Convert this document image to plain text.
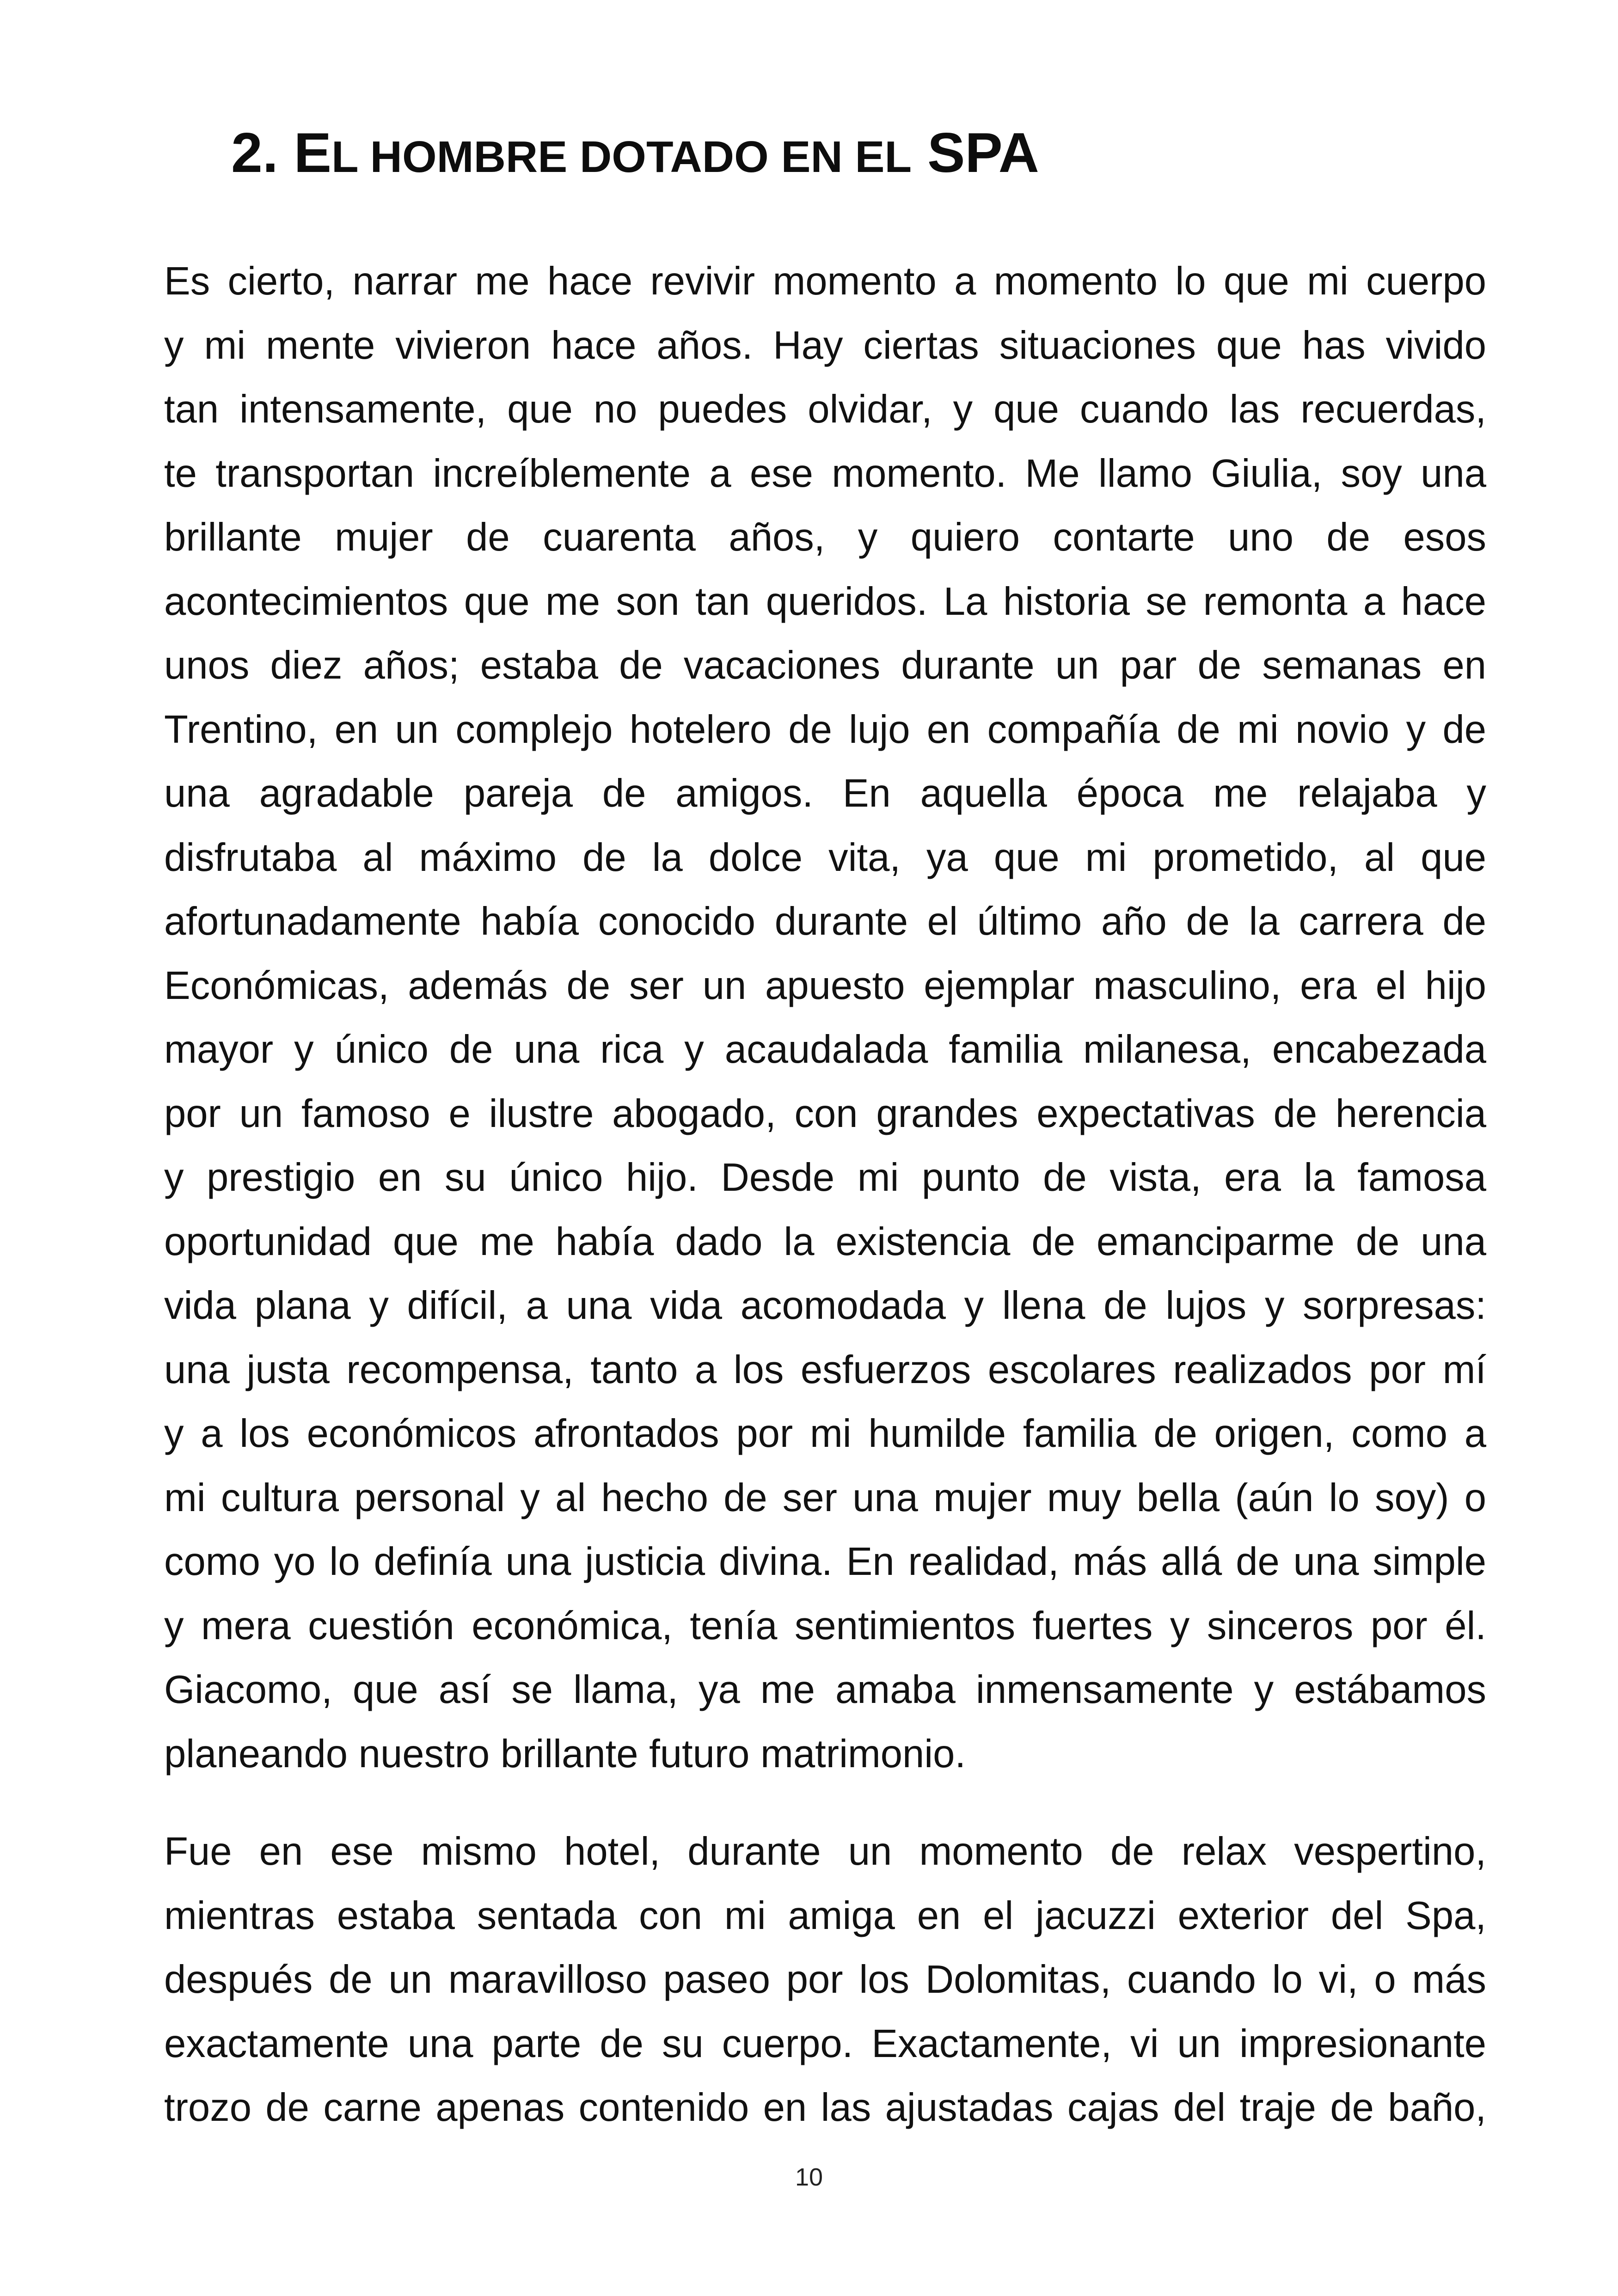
2. EL HOMBRE DOTADO EN EL SPA
Es cierto, narrar me hace revivir momento a momento lo que mi cuerpo
y mi mente vivieron hace años. Hay ciertas situaciones que has vivido
tan intensamente, que no puedes olvidar, y que cuando las recuerdas,
te transportan increíblemente a ese momento. Me llamo Giulia, soy una
brillante mujer de cuarenta años, y quiero contarte uno de esos
acontecimientos que me son tan queridos. La historia se remonta a hace
unos diez años; estaba de vacaciones durante un par de semanas en
Trentino, en un complejo hotelero de lujo en compañía de mi novio y de
una agradable pareja de amigos. En aquella época me relajaba y
disfrutaba al máximo de la dolce vita, ya que mi prometido, al que
afortunadamente había conocido durante el último año de la carrera de
Económicas, además de ser un apuesto ejemplar masculino, era el hijo
mayor y único de una rica y acaudalada familia milanesa, encabezada
por un famoso e ilustre abogado, con grandes expectativas de herencia
y prestigio en su único hijo. Desde mi punto de vista, era la famosa
oportunidad que me había dado la existencia de emanciparme de una
vida plana y difícil, a una vida acomodada y llena de lujos y sorpresas:
una justa recompensa, tanto a los esfuerzos escolares realizados por mí
y a los económicos afrontados por mi humilde familia de origen, como a
mi cultura personal y al hecho de ser una mujer muy bella (aún lo soy) o
como yo lo definía una justicia divina. En realidad, más allá de una simple
y mera cuestión económica, tenía sentimientos fuertes y sinceros por él.
Giacomo, que así se llama, ya me amaba inmensamente y estábamos
planeando nuestro brillante futuro matrimonio.
Fue en ese mismo hotel, durante un momento de relax vespertino,
mientras estaba sentada con mi amiga en el jacuzzi exterior del Spa,
después de un maravilloso paseo por los Dolomitas, cuando lo vi, o más
exactamente una parte de su cuerpo. Exactamente, vi un impresionante
trozo de carne apenas contenido en las ajustadas cajas del traje de baño,
10
